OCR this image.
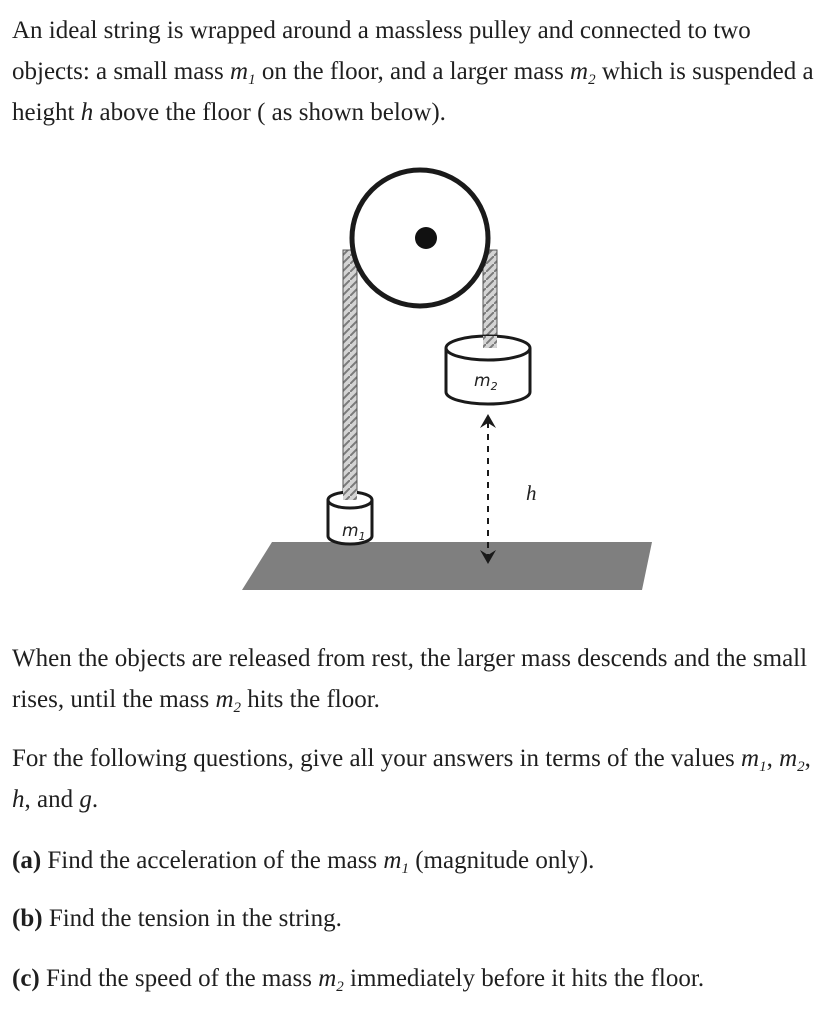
An ideal string is wrapped around a massless pulley and connected to two objects: a small mass $m_1$ on the floor, and a larger mass $m_2$ which is suspended a height h above the floor ( as shown below).

$m_2$
$m_1$
h

When the objects are released from rest, the larger mass descends and the small rises, until the mass $m_2$ hits the floor.

For the following questions, give all your answers in terms of the values $m_1$, $m_2$, h, and g.

(a) Find the acceleration of the mass $m_1$ (magnitude only).

(b) Find the tension in the string.

(c) Find the speed of the mass $m_2$ immediately before it hits the floor.
